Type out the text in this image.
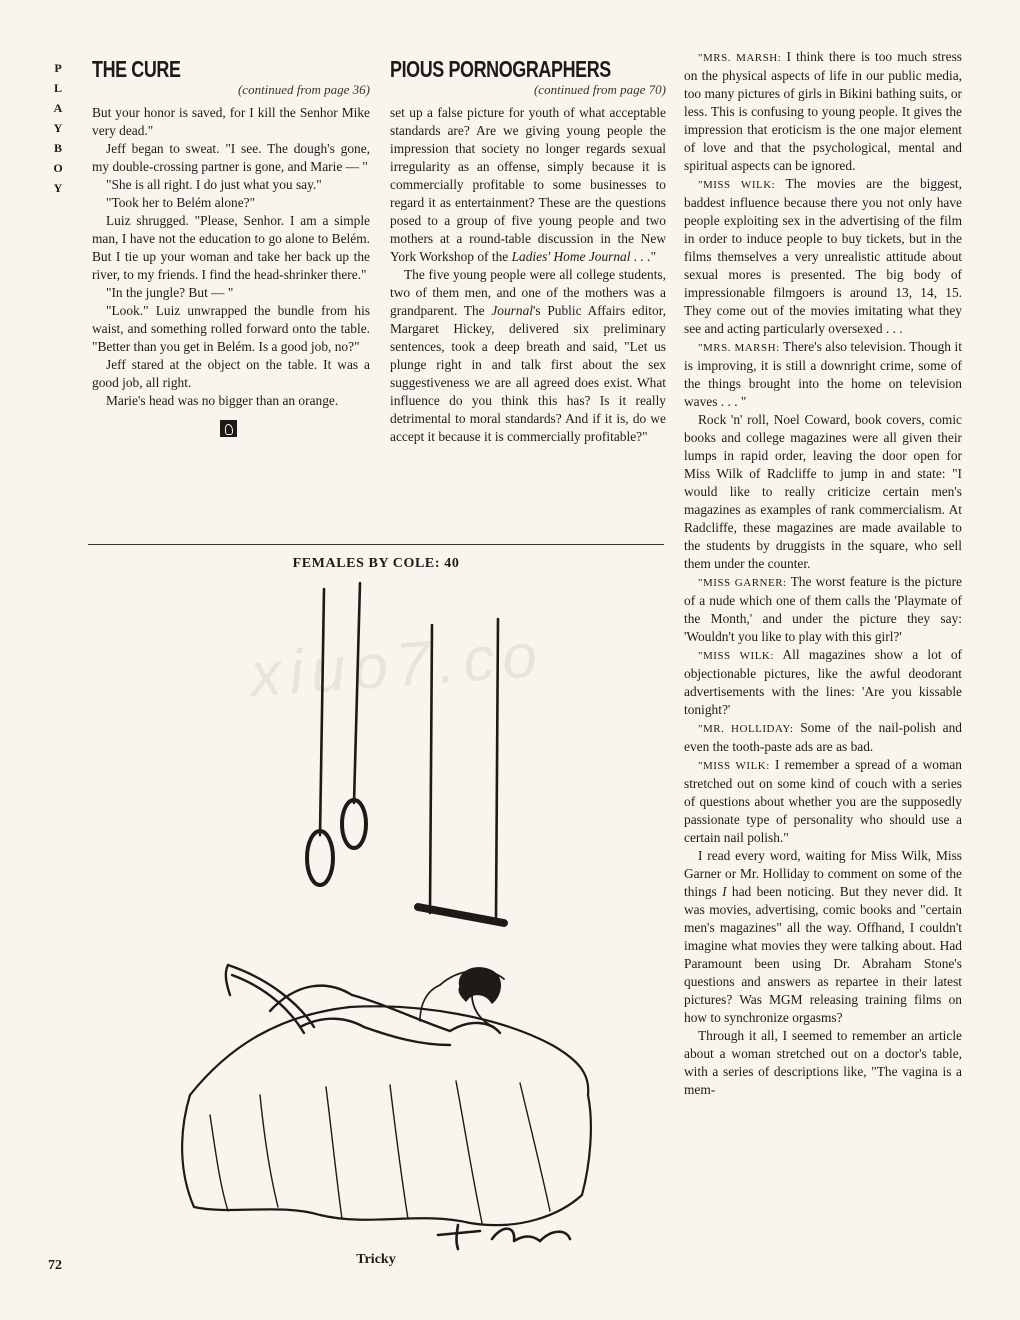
P
L
A
Y
B
O
Y
xiuo7.co
THE CURE
(continued from page 36)

But your honor is saved, for I kill the Senhor Mike very dead."

Jeff began to sweat. "I see. The dough's gone, my double-crossing partner is gone, and Marie — "

"She is all right. I do just what you say."

"Took her to Belém alone?"

Luiz shrugged. "Please, Senhor. I am a simple man, I have not the education to go alone to Belém. But I tie up your woman and take her back up the river, to my friends. I find the head-shrinker there."

"In the jungle? But — "

"Look." Luiz unwrapped the bundle from his waist, and something rolled forward onto the table. "Better than you get in Belém. Is a good job, no?"

Jeff stared at the object on the table. It was a good job, all right.

Marie's head was no bigger than an orange.

PIOUS PORNOGRAPHERS
(continued from page 70)

set up a false picture for youth of what acceptable standards are? Are we giving young people the impression that society no longer regards sexual irregularity as an offense, simply because it is commercially profitable to some businesses to regard it as entertainment? These are the questions posed to a group of five young people and two mothers at a round-table discussion in the New York Workshop of the Ladies' Home Journal . . ."

The five young people were all college students, two of them men, and one of the mothers was a grandparent. The Journal's Public Affairs editor, Margaret Hickey, delivered six preliminary sentences, took a deep breath and said, "Let us plunge right in and talk first about the sex suggestiveness we are all agreed does exist. What influence do you think this has? Is it really detrimental to moral standards? And if it is, do we accept it because it is commercially profitable?"

"MRS. MARSH: I think there is too much stress on the physical aspects of life in our public media, too many pictures of girls in Bikini bathing suits, or less. This is confusing to young people. It gives the impression that eroticism is the one major element of love and that the psychological, mental and spiritual aspects can be ignored.

"MISS WILK: The movies are the biggest, baddest influence because there you not only have people exploiting sex in the advertising of the film in order to induce people to buy tickets, but in the films themselves a very unrealistic attitude about sexual mores is presented. The big body of impressionable filmgoers is around 13, 14, 15. They come out of the movies imitating what they see and acting particularly oversexed . . .

"MRS. MARSH: There's also television. Though it is improving, it is still a downright crime, some of the things brought into the home on television waves . . . "

Rock 'n' roll, Noel Coward, book covers, comic books and college magazines were all given their lumps in rapid order, leaving the door open for Miss Wilk of Radcliffe to jump in and state: "I would like to really criticize certain men's magazines as examples of rank commercialism. At Radcliffe, these magazines are made available to the students by druggists in the square, who sell them under the counter.

"MISS GARNER: The worst feature is the picture of a nude which one of them calls the 'Playmate of the Month,' and under the picture they say: 'Wouldn't you like to play with this girl?'

"MISS WILK: All magazines show a lot of objectionable pictures, like the awful deodorant advertisements with the lines: 'Are you kissable tonight?'

"MR. HOLLIDAY: Some of the nail-polish and even the tooth-paste ads are as bad.

"MISS WILK: I remember a spread of a woman stretched out on some kind of couch with a series of questions about whether you are the supposedly passionate type of personality who should use a certain nail polish."

I read every word, waiting for Miss Wilk, Miss Garner or Mr. Holliday to comment on some of the things I had been noticing. But they never did. It was movies, advertising, comic books and "certain men's magazines" all the way. Offhand, I couldn't imagine what movies they were talking about. Had Paramount been using Dr. Abraham Stone's questions and answers as repartee in their latest pictures? Was MGM releasing training films on how to synchronize orgasms?

Through it all, I seemed to remember an article about a woman stretched out on a doctor's table, with a series of descriptions like, "The vagina is a mem-

FEMALES BY COLE: 40
Tricky
72
